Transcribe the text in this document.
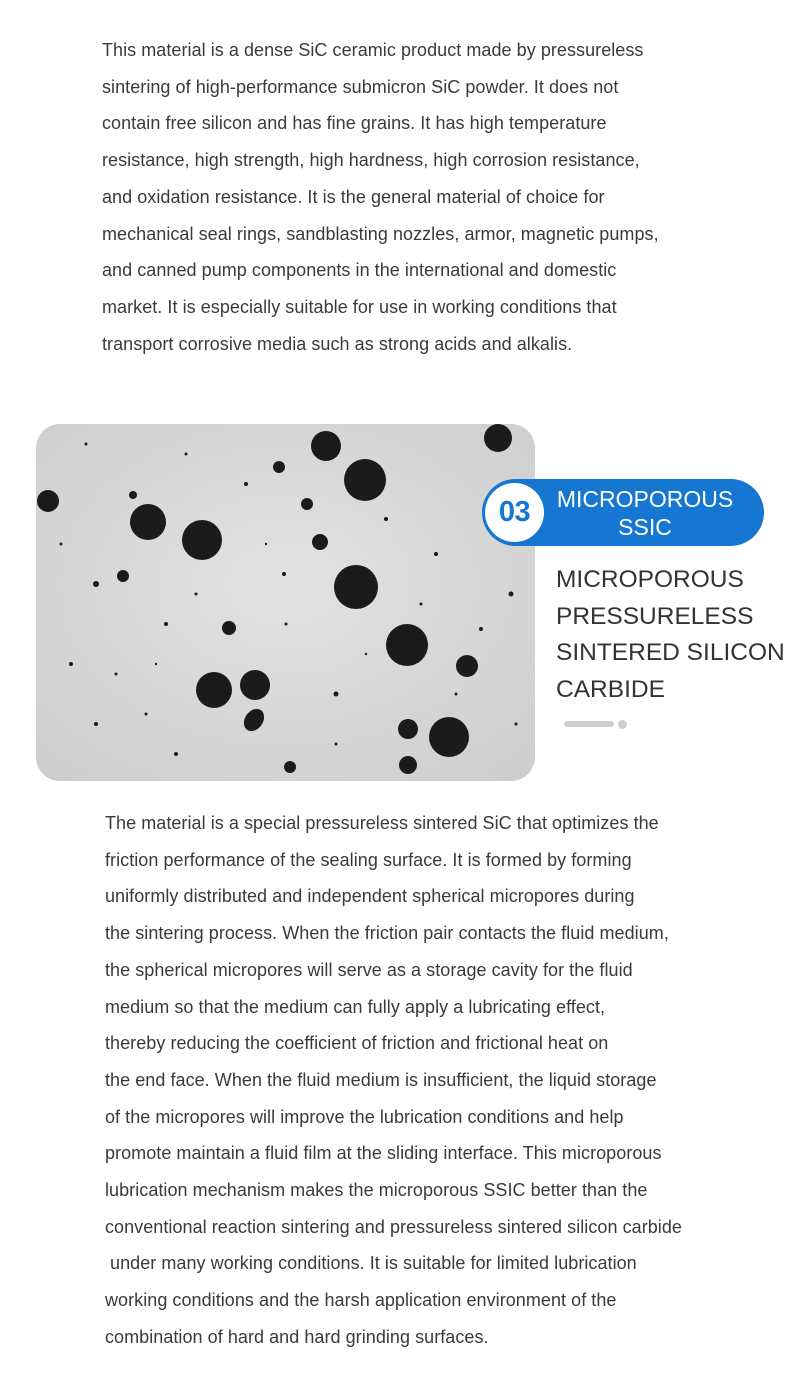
This material is a dense SiC ceramic product made by pressureless
sintering of high-performance submicron SiC powder. It does not
contain free silicon and has fine grains. It has high temperature
resistance, high strength, high hardness, high corrosion resistance,
and oxidation resistance. It is the general material of choice for
mechanical seal rings, sandblasting nozzles, armor, magnetic pumps,
and canned pump components in the international and domestic
market. It is especially suitable for use in working conditions that
transport corrosive media such as strong acids and alkalis.
03	MICROPOROUS
SSIC
MICROPOROUS
PRESSURELESS
SINTERED SILICON
CARBIDE
The material is a special pressureless sintered SiC that optimizes the
friction performance of the sealing surface. It is formed by forming
uniformly distributed and independent spherical micropores during
the sintering process. When the friction pair contacts the fluid medium,
the spherical micropores will serve as a storage cavity for the fluid
medium so that the medium can fully apply a lubricating effect,
thereby reducing the coefficient of friction and frictional heat on
the end face. When the fluid medium is insufficient, the liquid storage
of the micropores will improve the lubrication conditions and help
promote maintain a fluid film at the sliding interface. This microporous
lubrication mechanism makes the microporous SSIC better than the
conventional reaction sintering and pressureless sintered silicon carbide
under many working conditions. It is suitable for limited lubrication
working conditions and the harsh application environment of the
combination of hard and hard grinding surfaces.
